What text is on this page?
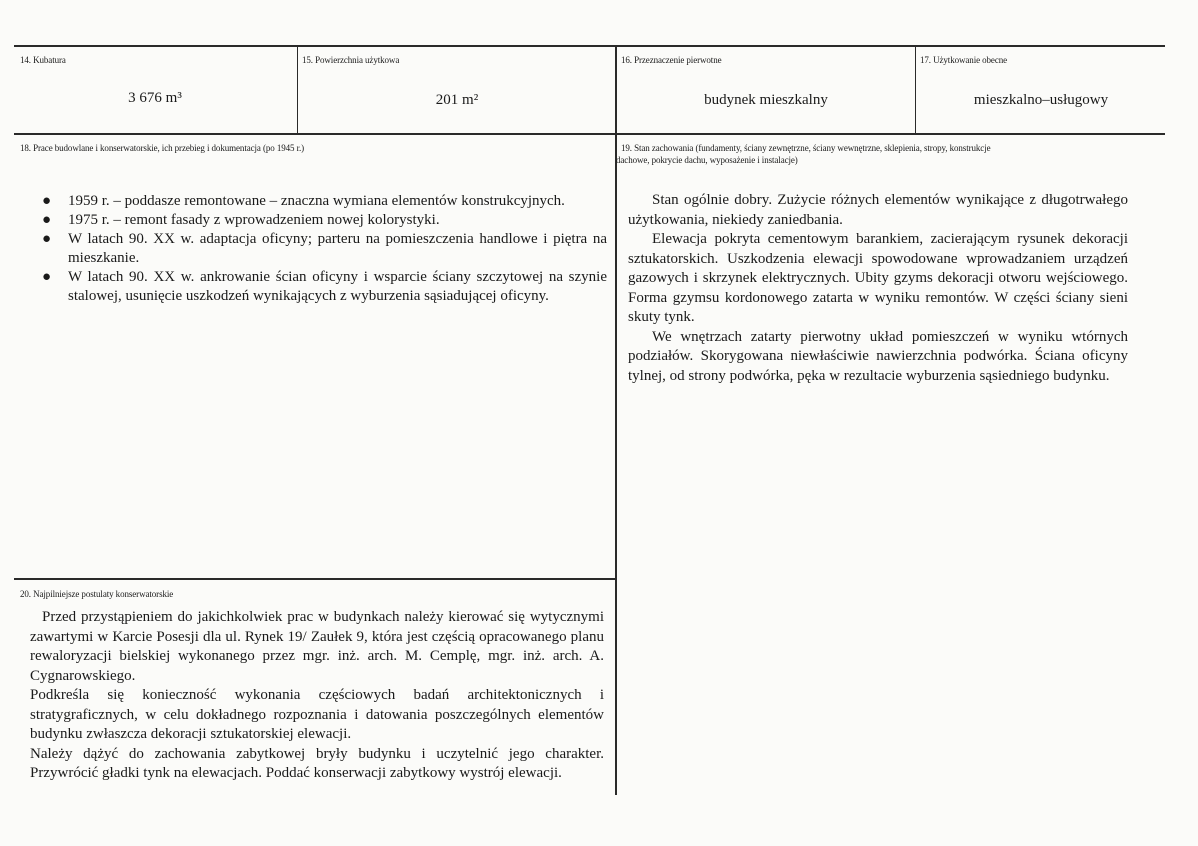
14. Kubatura
3 676 m³
15. Powierzchnia użytkowa
201 m²
16. Przeznaczenie pierwotne
budynek mieszkalny
17. Użytkowanie obecne
mieszkalno–usługowy
18. Prace budowlane i konserwatorskie, ich przebieg i dokumentacja (po 1945 r.)
● 1959 r. – poddasze remontowane – znaczna wymiana elementów konstrukcyjnych.
● 1975 r. – remont fasady z wprowadzeniem nowej kolorystyki.
● W latach 90. XX w. adaptacja oficyny; parteru na pomieszczenia handlowe i piętra na mieszkanie.
● W latach 90. XX w. ankrowanie ścian oficyny i wsparcie ściany szczytowej na szynie stalowej, usunięcie uszkodzeń wynikających z wyburzenia sąsiadującej oficyny.
19. Stan zachowania (fundamenty, ściany zewnętrzne, ściany wewnętrzne, sklepienia, stropy, konstrukcje
dachowe, pokrycie dachu, wyposażenie i instalacje)

Stan ogólnie dobry. Zużycie różnych elementów wynikające z długotrwałego użytkowania, niekiedy zaniedbania.

Elewacja pokryta cementowym barankiem, zacierającym rysunek dekoracji sztukatorskich. Uszkodzenia elewacji spowodowane wprowadzaniem urządzeń gazowych i skrzynek elektrycznych. Ubity gzyms dekoracji otworu wejściowego. Forma gzymsu kordonowego zatarta w wyniku remontów. W części ściany sieni skuty tynk.

We wnętrzach zatarty pierwotny układ pomieszczeń w wyniku wtórnych podziałów. Skorygowana niewłaściwie nawierzchnia podwórka. Ściana oficyny tylnej, od strony podwórka, pęka w rezultacie wyburzenia sąsiedniego budynku.

20. Najpilniejsze postulaty konserwatorskie

Przed przystąpieniem do jakichkolwiek prac w budynkach należy kierować się wytycznymi zawartymi w Karcie Posesji dla ul. Rynek 19/ Zaułek 9, która jest częścią opracowanego planu rewaloryzacji bielskiej wykonanego przez mgr. inż. arch. M. Cemplę, mgr. inż. arch. A. Cygnarowskiego.

Podkreśla się konieczność wykonania częściowych badań architektonicznych i stratygraficznych, w celu dokładnego rozpoznania i datowania poszczególnych elementów budynku zwłaszcza dekoracji sztukatorskiej elewacji.

Należy dążyć do zachowania zabytkowej bryły budynku i uczytelnić jego charakter. Przywrócić gładki tynk na elewacjach. Poddać konserwacji zabytkowy wystrój elewacji.
